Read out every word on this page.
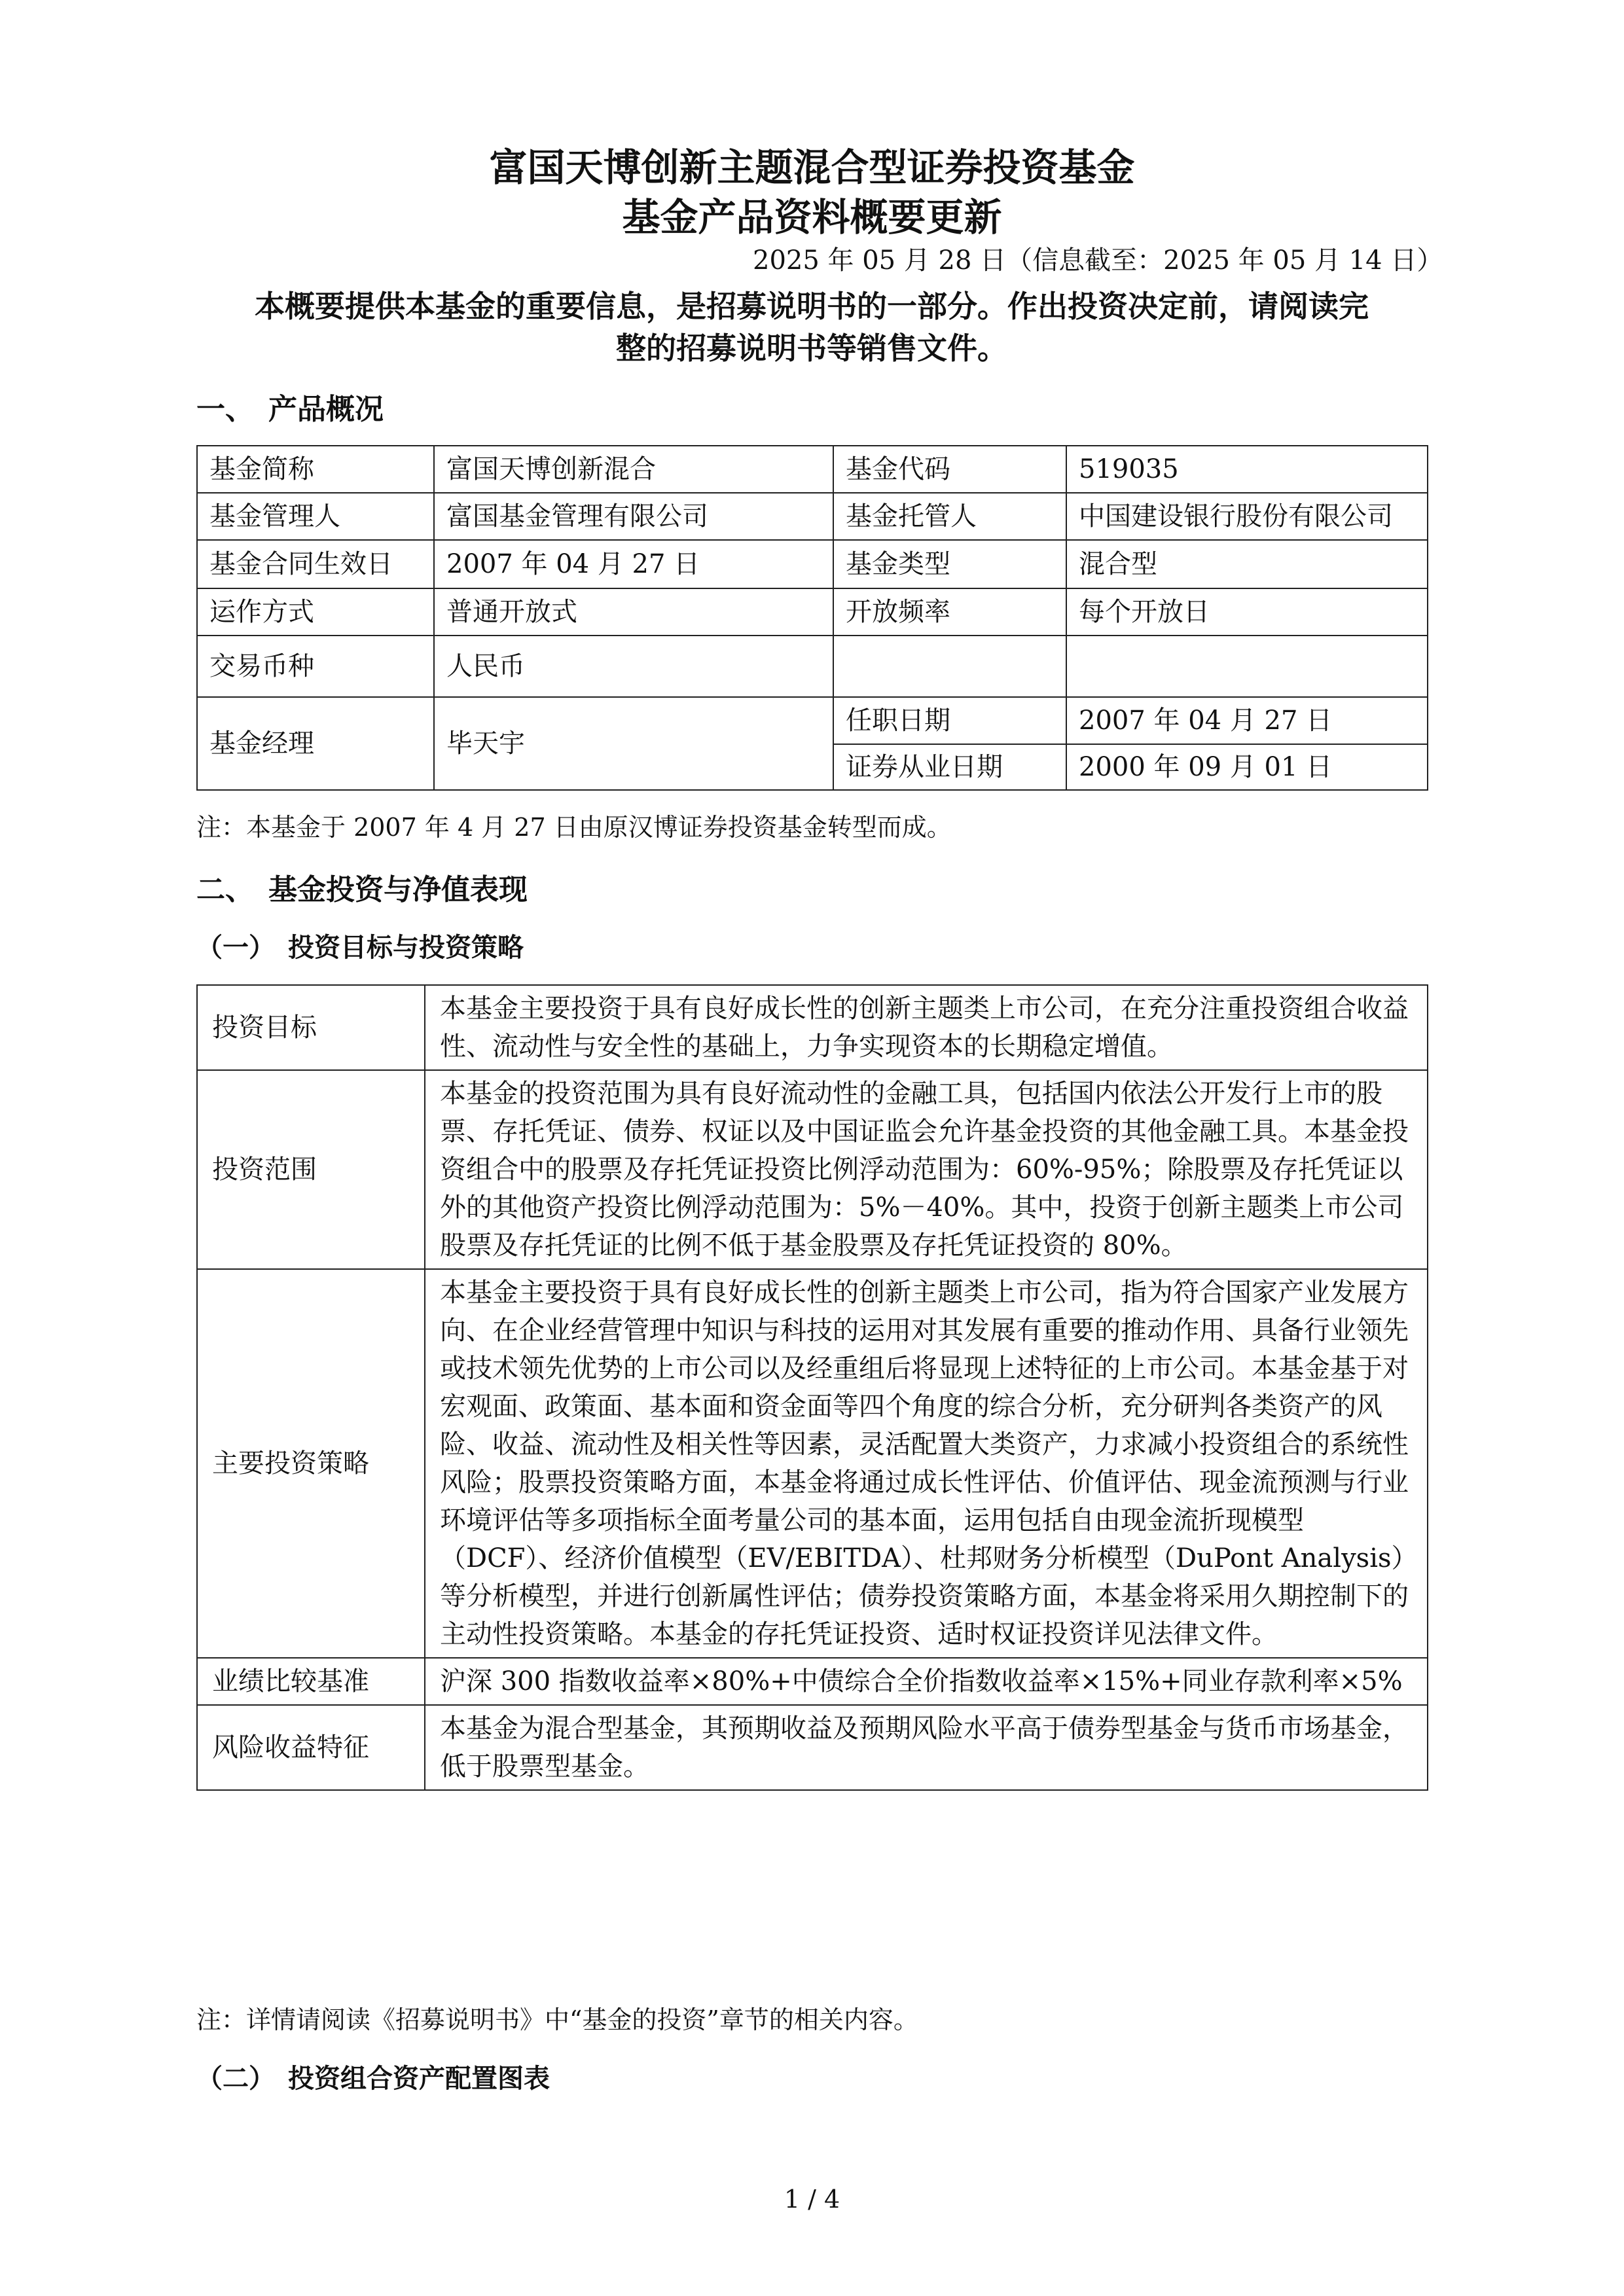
富国天博创新主题混合型证券投资基金
基金产品资料概要更新
2025 年 05 月 28 日（信息截至：2025 年 05 月 14 日）
本概要提供本基金的重要信息，是招募说明书的一部分。作出投资决定前，请阅读完
整的招募说明书等销售文件。
一、　产品概况
基金简称	富国天博创新混合	基金代码	519035
基金管理人	富国基金管理有限公司	基金托管人	中国建设银行股份有限公司
基金合同生效日	2007 年 04 月 27 日	基金类型	混合型
运作方式	普通开放式	开放频率	每个开放日
交易币种	人民币		
基金经理	毕天宇	任职日期	2007 年 04 月 27 日
		证券从业日期	2000 年 09 月 01 日
注：本基金于 2007 年 4 月 27 日由原汉博证券投资基金转型而成。
二、　基金投资与净值表现
（一）　投资目标与投资策略
投资目标	本基金主要投资于具有良好成长性的创新主题类上市公司，在充分注重投资组合收益性、流动性与安全性的基础上，力争实现资本的长期稳定增值。
投资范围	本基金的投资范围为具有良好流动性的金融工具，包括国内依法公开发行上市的股票、存托凭证、债券、权证以及中国证监会允许基金投资的其他金融工具。本基金投资组合中的股票及存托凭证投资比例浮动范围为：60%-95%；除股票及存托凭证以外的其他资产投资比例浮动范围为：5%－40%。其中，投资于创新主题类上市公司股票及存托凭证的比例不低于基金股票及存托凭证投资的 80%。
主要投资策略	本基金主要投资于具有良好成长性的创新主题类上市公司，指为符合国家产业发展方向、在企业经营管理中知识与科技的运用对其发展有重要的推动作用、具备行业领先或技术领先优势的上市公司以及经重组后将显现上述特征的上市公司。本基金基于对宏观面、政策面、基本面和资金面等四个角度的综合分析，充分研判各类资产的风险、收益、流动性及相关性等因素，灵活配置大类资产，力求减小投资组合的系统性风险；股票投资策略方面，本基金将通过成长性评估、价值评估、现金流预测与行业环境评估等多项指标全面考量公司的基本面，运用包括自由现金流折现模型（DCF）、经济价值模型（EV/EBITDA）、杜邦财务分析模型（DuPont Analysis）等分析模型，并进行创新属性评估；债券投资策略方面，本基金将采用久期控制下的主动性投资策略。本基金的存托凭证投资、适时权证投资详见法律文件。
业绩比较基准	沪深 300 指数收益率×80%+中债综合全价指数收益率×15%+同业存款利率×5%
风险收益特征	本基金为混合型基金，其预期收益及预期风险水平高于债券型基金与货币市场基金，低于股票型基金。
注：详情请阅读《招募说明书》中“基金的投资”章节的相关内容。
（二）　投资组合资产配置图表
1 / 4
